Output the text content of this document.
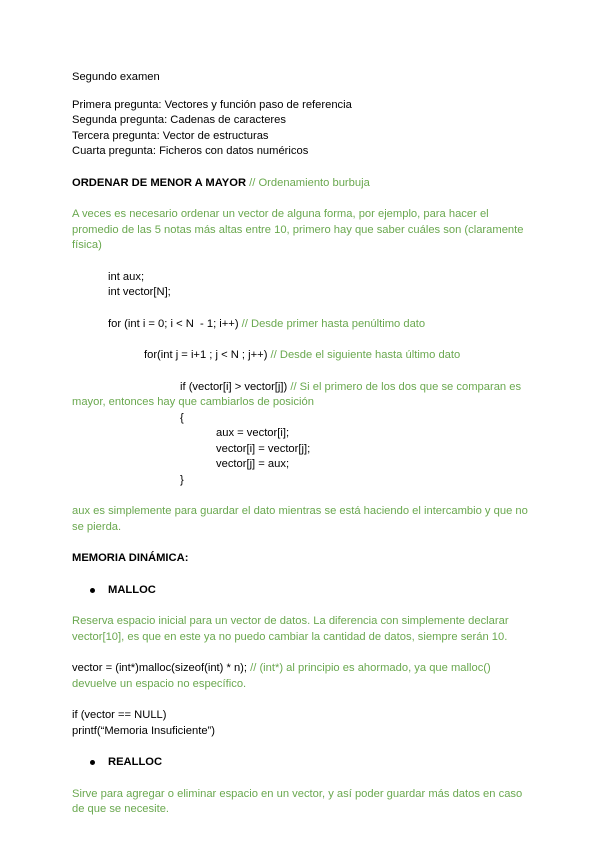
Segundo examen
Primera pregunta: Vectores y función paso de referencia
Segunda pregunta: Cadenas de caracteres
Tercera pregunta: Vector de estructuras
Cuarta pregunta: Ficheros con datos numéricos
ORDENAR DE MENOR A MAYOR // Ordenamiento burbuja
A veces es necesario ordenar un vector de alguna forma, por ejemplo, para hacer el promedio de las 5 notas más altas entre 10, primero hay que saber cuáles son (claramente física)
int aux;
int vector[N];
for (int i = 0; i < N  - 1; i++) // Desde primer hasta penúltimo dato
for(int j = i+1 ; j < N ; j++) // Desde el siguiente hasta último dato
if (vector[i] > vector[j]) // Si el primero de los dos que se comparan es
mayor, entonces hay que cambiarlos de posición
{
aux = vector[i];
vector[i] = vector[j];
vector[j] = aux;
}
aux es simplemente para guardar el dato mientras se está haciendo el intercambio y que no se pierda.
MEMORIA DINÁMICA:
MALLOC
Reserva espacio inicial para un vector de datos. La diferencia con simplemente declarar vector[10], es que en este ya no puedo cambiar la cantidad de datos, siempre serán 10.
vector = (int*)malloc(sizeof(int) * n); // (int*) al principio es ahormado, ya que malloc() devuelve un espacio no específico.
if (vector == NULL)
printf(“Memoria Insuficiente”)
REALLOC
Sirve para agregar o eliminar espacio en un vector, y así poder guardar más datos en caso de que se necesite.
